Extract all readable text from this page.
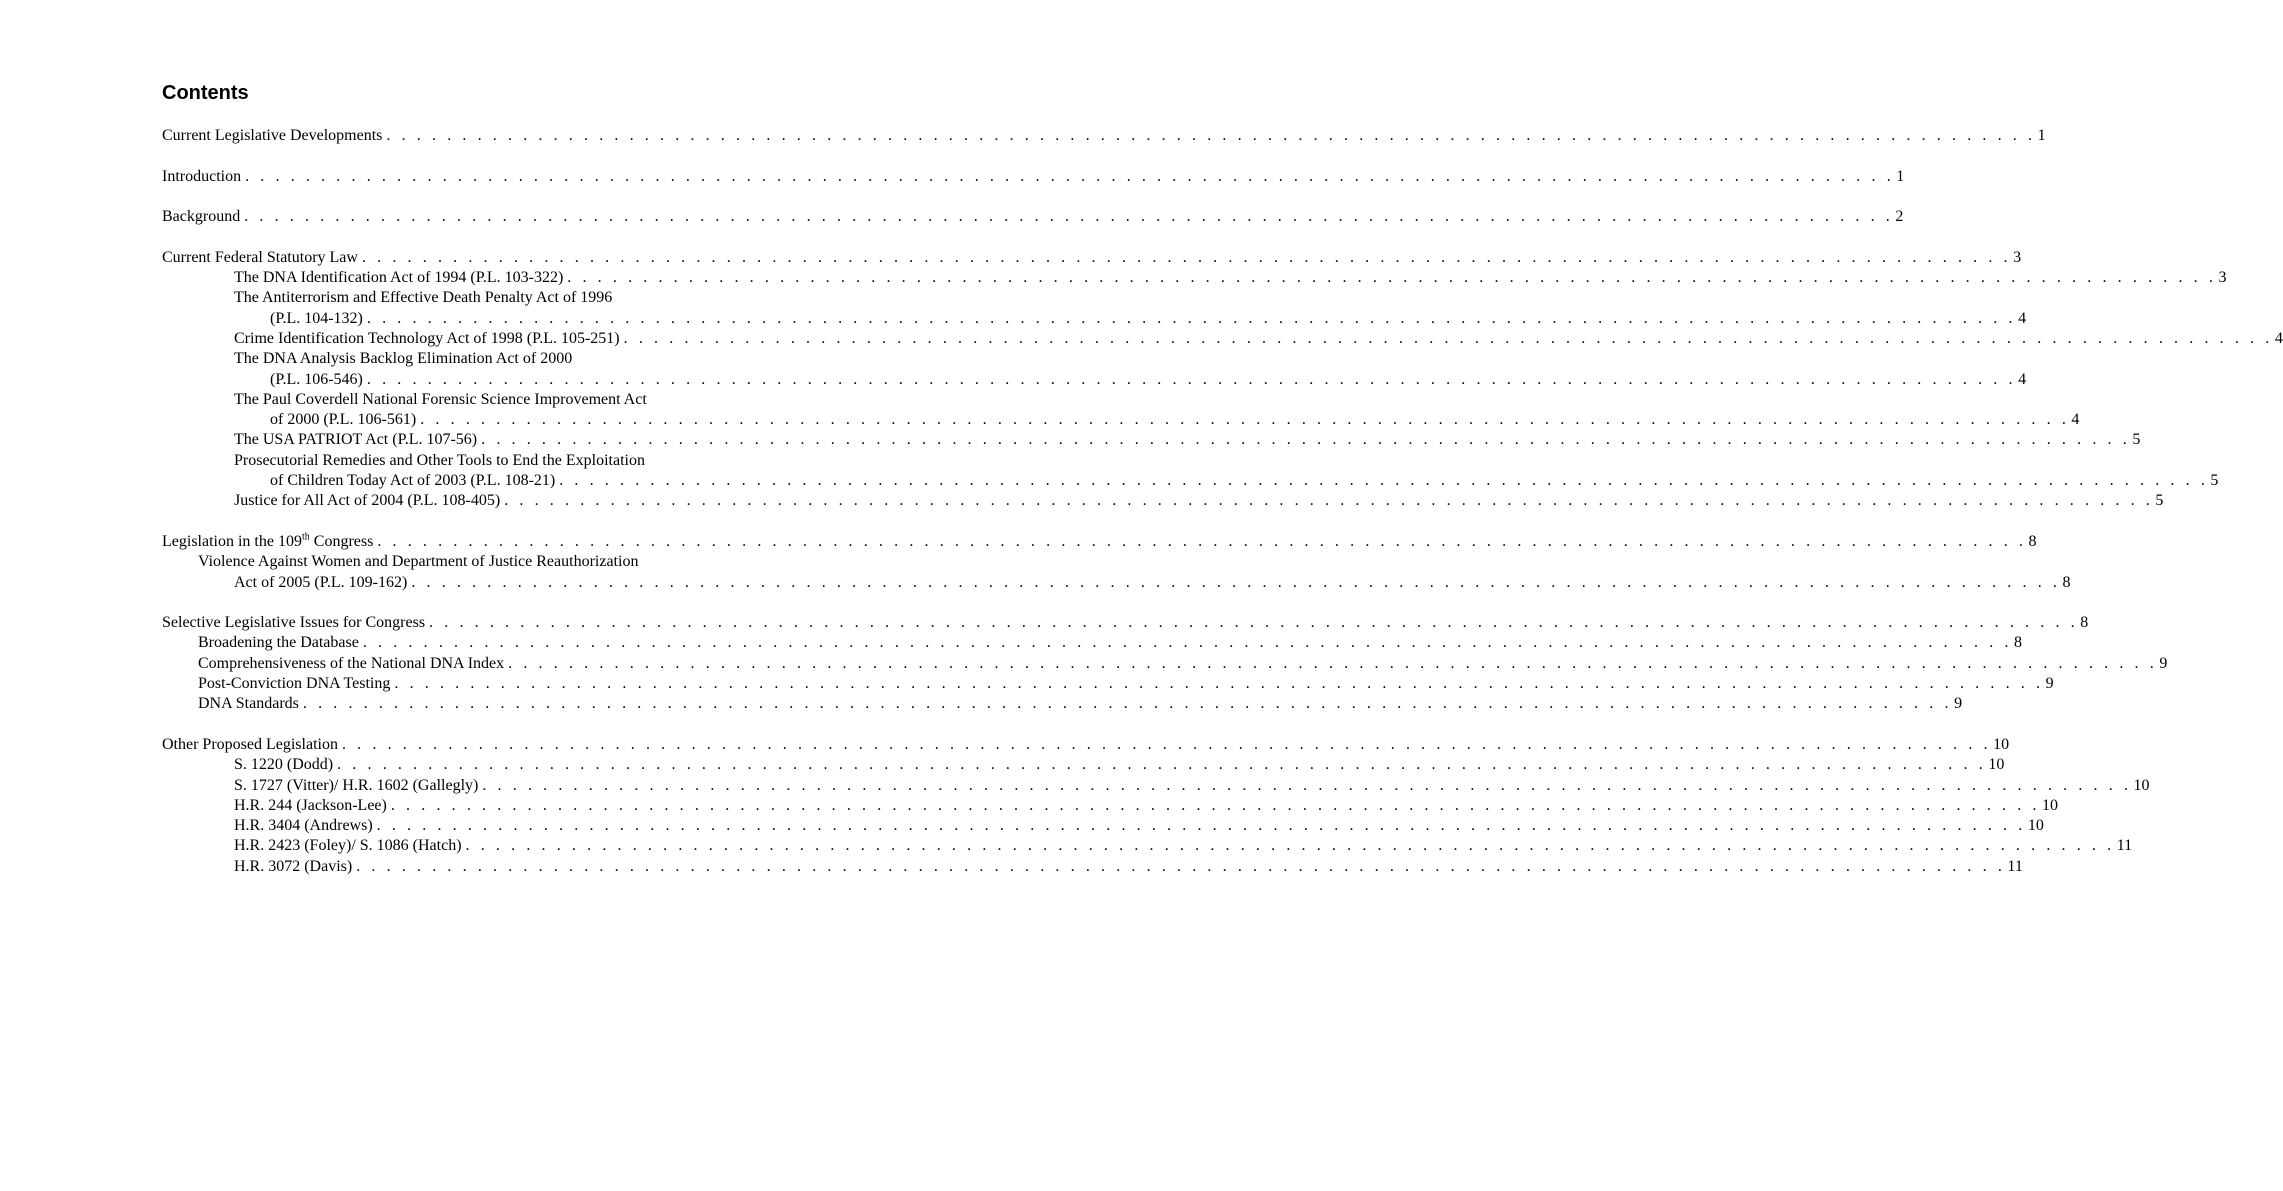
Contents
Current Legislative Developments . . . . . . . . . . . . . . . . . . . . . . . . . . . . . . . . . . . . . . . . . . . . . . . . . . . . . . . . . . . . . . . . . . . . . . . . . . . . . . . . . . . . . . . . . . . . . . . . . . . . . . . . . . . . . 1
Introduction . . . . . . . . . . . . . . . . . . . . . . . . . . . . . . . . . . . . . . . . . . . . . . . . . . . . . . . . . . . . . . . . . . . . . . . . . . . . . . . . . . . . . . . . . . . . . . . . . . . . . . . . . . . . . 1
Background . . . . . . . . . . . . . . . . . . . . . . . . . . . . . . . . . . . . . . . . . . . . . . . . . . . . . . . . . . . . . . . . . . . . . . . . . . . . . . . . . . . . . . . . . . . . . . . . . . . . . . . . . . . . . 2
Current Federal Statutory Law . . . . . . . . . . . . . . . . . . . . . . . . . . . . . . . . . . . . . . . . . . . . . . . . . . . . . . . . . . . . . . . . . . . . . . . . . . . . . . . . . . . . . . . . . . . . . . . . . . . . . . . . . . . . . 3
The DNA Identification Act of 1994 (P.L. 103-322) . . . . . . . . . . . . . . . . . . . . . . . . . . . . . . . . . . . . . . . . . . . . . . . . . . . . . . . . . . . . . . . . . . . . . . . . . . . . . . . . . . . . . . . . . . . . . . . . . . . . . . . . . . . . . 3
The Antiterrorism and Effective Death Penalty Act of 1996
(P.L. 104-132) . . . . . . . . . . . . . . . . . . . . . . . . . . . . . . . . . . . . . . . . . . . . . . . . . . . . . . . . . . . . . . . . . . . . . . . . . . . . . . . . . . . . . . . . . . . . . . . . . . . . . . . . . . . . . 4
Crime Identification Technology Act of 1998 (P.L. 105-251) . . . . . . . . . . . . . . . . . . . . . . . . . . . . . . . . . . . . . . . . . . . . . . . . . . . . . . . . . . . . . . . . . . . . . . . . . . . . . . . . . . . . . . . . . . . . . . . . . . . . . . . . . . . . . 4
The DNA Analysis Backlog Elimination Act of 2000
(P.L. 106-546) . . . . . . . . . . . . . . . . . . . . . . . . . . . . . . . . . . . . . . . . . . . . . . . . . . . . . . . . . . . . . . . . . . . . . . . . . . . . . . . . . . . . . . . . . . . . . . . . . . . . . . . . . . . . . 4
The Paul Coverdell National Forensic Science Improvement Act
of 2000 (P.L. 106-561) . . . . . . . . . . . . . . . . . . . . . . . . . . . . . . . . . . . . . . . . . . . . . . . . . . . . . . . . . . . . . . . . . . . . . . . . . . . . . . . . . . . . . . . . . . . . . . . . . . . . . . . . . . . . . 4
The USA PATRIOT Act (P.L. 107-56) . . . . . . . . . . . . . . . . . . . . . . . . . . . . . . . . . . . . . . . . . . . . . . . . . . . . . . . . . . . . . . . . . . . . . . . . . . . . . . . . . . . . . . . . . . . . . . . . . . . . . . . . . . . . . 5
Prosecutorial Remedies and Other Tools to End the Exploitation
of Children Today Act of 2003 (P.L. 108-21) . . . . . . . . . . . . . . . . . . . . . . . . . . . . . . . . . . . . . . . . . . . . . . . . . . . . . . . . . . . . . . . . . . . . . . . . . . . . . . . . . . . . . . . . . . . . . . . . . . . . . . . . . . . . . 5
Justice for All Act of 2004 (P.L. 108-405) . . . . . . . . . . . . . . . . . . . . . . . . . . . . . . . . . . . . . . . . . . . . . . . . . . . . . . . . . . . . . . . . . . . . . . . . . . . . . . . . . . . . . . . . . . . . . . . . . . . . . . . . . . . . . 5
Legislation in the 109th Congress . . . . . . . . . . . . . . . . . . . . . . . . . . . . . . . . . . . . . . . . . . . . . . . . . . . . . . . . . . . . . . . . . . . . . . . . . . . . . . . . . . . . . . . . . . . . . . . . . . . . . . . . . . . . . 8
Violence Against Women and Department of Justice Reauthorization
Act of 2005 (P.L. 109-162) . . . . . . . . . . . . . . . . . . . . . . . . . . . . . . . . . . . . . . . . . . . . . . . . . . . . . . . . . . . . . . . . . . . . . . . . . . . . . . . . . . . . . . . . . . . . . . . . . . . . . . . . . . . . . 8
Selective Legislative Issues for Congress . . . . . . . . . . . . . . . . . . . . . . . . . . . . . . . . . . . . . . . . . . . . . . . . . . . . . . . . . . . . . . . . . . . . . . . . . . . . . . . . . . . . . . . . . . . . . . . . . . . . . . . . . . . . . 8
Broadening the Database . . . . . . . . . . . . . . . . . . . . . . . . . . . . . . . . . . . . . . . . . . . . . . . . . . . . . . . . . . . . . . . . . . . . . . . . . . . . . . . . . . . . . . . . . . . . . . . . . . . . . . . . . . . . . 8
Comprehensiveness of the National DNA Index . . . . . . . . . . . . . . . . . . . . . . . . . . . . . . . . . . . . . . . . . . . . . . . . . . . . . . . . . . . . . . . . . . . . . . . . . . . . . . . . . . . . . . . . . . . . . . . . . . . . . . . . . . . . . 9
Post-Conviction DNA Testing . . . . . . . . . . . . . . . . . . . . . . . . . . . . . . . . . . . . . . . . . . . . . . . . . . . . . . . . . . . . . . . . . . . . . . . . . . . . . . . . . . . . . . . . . . . . . . . . . . . . . . . . . . . . . 9
DNA Standards . . . . . . . . . . . . . . . . . . . . . . . . . . . . . . . . . . . . . . . . . . . . . . . . . . . . . . . . . . . . . . . . . . . . . . . . . . . . . . . . . . . . . . . . . . . . . . . . . . . . . . . . . . . . . 9
Other Proposed Legislation . . . . . . . . . . . . . . . . . . . . . . . . . . . . . . . . . . . . . . . . . . . . . . . . . . . . . . . . . . . . . . . . . . . . . . . . . . . . . . . . . . . . . . . . . . . . . . . . . . . . . . . . . . . . . 10
S. 1220 (Dodd) . . . . . . . . . . . . . . . . . . . . . . . . . . . . . . . . . . . . . . . . . . . . . . . . . . . . . . . . . . . . . . . . . . . . . . . . . . . . . . . . . . . . . . . . . . . . . . . . . . . . . . . . . . . . . 10
S. 1727 (Vitter)/ H.R. 1602 (Gallegly) . . . . . . . . . . . . . . . . . . . . . . . . . . . . . . . . . . . . . . . . . . . . . . . . . . . . . . . . . . . . . . . . . . . . . . . . . . . . . . . . . . . . . . . . . . . . . . . . . . . . . . . . . . . . . 10
H.R. 244 (Jackson-Lee) . . . . . . . . . . . . . . . . . . . . . . . . . . . . . . . . . . . . . . . . . . . . . . . . . . . . . . . . . . . . . . . . . . . . . . . . . . . . . . . . . . . . . . . . . . . . . . . . . . . . . . . . . . . . . 10
H.R. 3404 (Andrews) . . . . . . . . . . . . . . . . . . . . . . . . . . . . . . . . . . . . . . . . . . . . . . . . . . . . . . . . . . . . . . . . . . . . . . . . . . . . . . . . . . . . . . . . . . . . . . . . . . . . . . . . . . . . . 10
H.R. 2423 (Foley)/ S. 1086 (Hatch) . . . . . . . . . . . . . . . . . . . . . . . . . . . . . . . . . . . . . . . . . . . . . . . . . . . . . . . . . . . . . . . . . . . . . . . . . . . . . . . . . . . . . . . . . . . . . . . . . . . . . . . . . . . . . 11
H.R. 3072 (Davis) . . . . . . . . . . . . . . . . . . . . . . . . . . . . . . . . . . . . . . . . . . . . . . . . . . . . . . . . . . . . . . . . . . . . . . . . . . . . . . . . . . . . . . . . . . . . . . . . . . . . . . . . . . . . . 11
